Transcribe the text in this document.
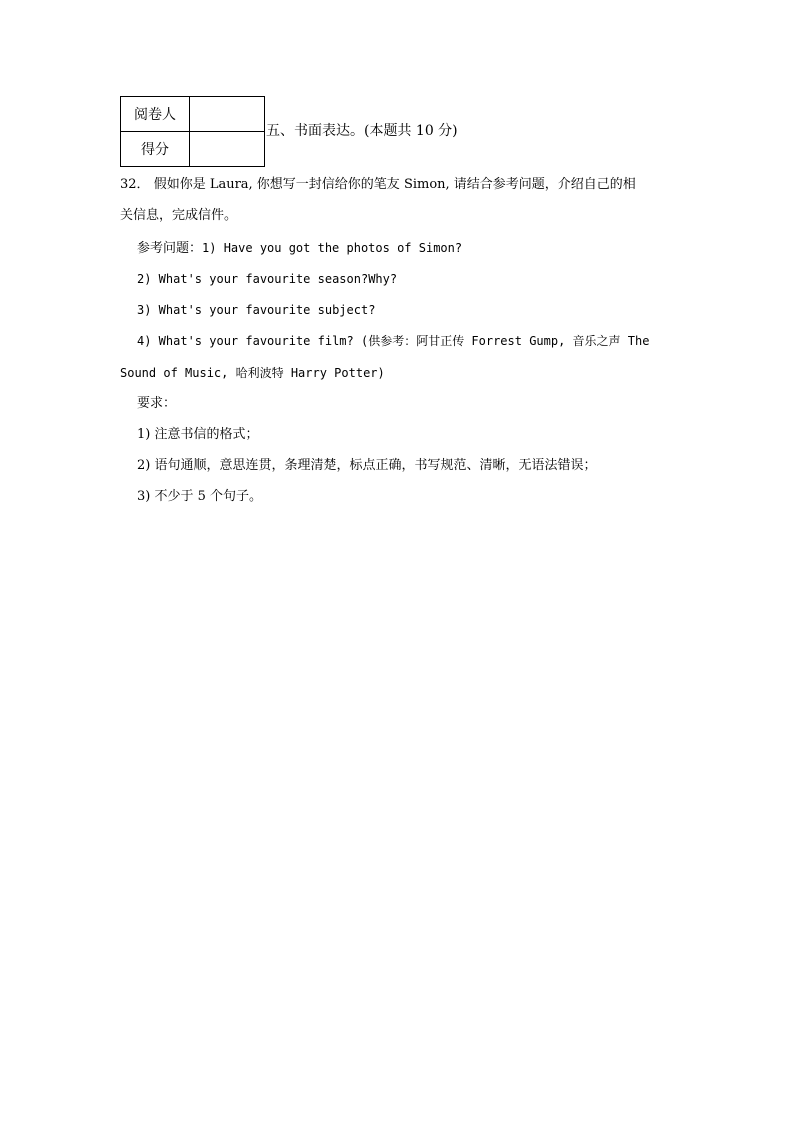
阅卷人	
得分	
五、书面表达。(本题共 10 分)
32． 假如你是 Laura, 你想写一封信给你的笔友 Simon, 请结合参考问题，介绍自己的相
关信息，完成信件。
参考问题：1) Have you got the photos of Simon?
2) What's your favourite season?Why?
3) What's your favourite subject?
4) What's your favourite film? (供参考：阿甘正传 Forrest Gump, 音乐之声 The
Sound of Music, 哈利波特 Harry Potter)
要求：
1) 注意书信的格式；
2) 语句通顺，意思连贯，条理清楚，标点正确，书写规范、清晰，无语法错误；
3) 不少于 5 个句子。
